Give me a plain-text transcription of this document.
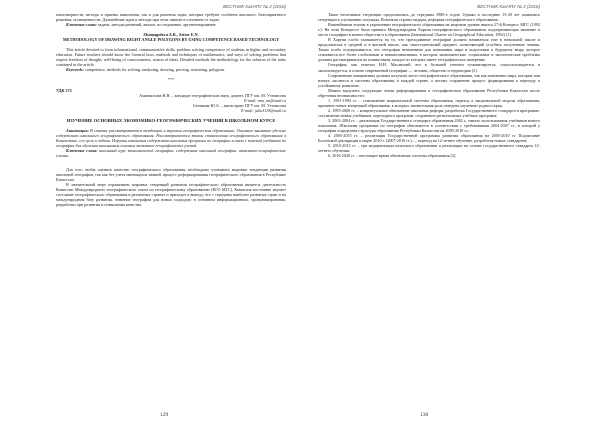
ВЕСТНИК КазНПУ № 2 (2016)

многомерности, методы и приемы мышления, так и для решения задач, которые требуют особенно высокого, благоприятного решения, полноценности. Дальнейшие идеи и методы при этом зависят в основном от задач.

Ключевые слова: задачи, методы решений, анализ, исследование, аргументирование.

Zhumagulova A.K., Seitov E.N.

METHODOLOGY OF DRAWING RIGHT ANGLE POLYGONS BY USING COMPETENCE BASED TECHNOLOGY

This article devoted to form informational, communicative skills, problem solving competence of students in higher and secondary education. Future teachers should know the General laws, methods and techniques of mathematics, and ways of solving problems that require freedom of thought, well-being of consciousness, reason of ideas. Detailed methods the methodology for the solution of the tasks contained in the article.

Keywords: competence, methods for solving, analyzing, drawing, proving, reasoning, polygons.

***

УДК 372

Аманжолова Н.Н. – кандидат географических наук, доцент, ПГУ им. М. Утемисова

E-mail: tnm_nn@mail.ru

Сеникова Ю.А. – магистрант ПГУ им. М. Утемисова

E-mail: julia1119@mail.ru

ИЗУЧЕНИЕ ОСНОВНЫХ ЭКОНОМИКО-ГЕОГРАФИЧЕСКИХ УЧЕНИЙ В ШКОЛЬНОМ КУРСЕ

Аннотация: В статье рассматриваются тенденции в мировом географическом образовании. Основное внимание уделено содержанию школьного географического образования. Рассматриваются этапы становления географического образования в Казахстане, его цели и задачи. Изучены изменения содержания школьных программ по географии в связи с заменой учебников по географии для обучения школьников основам экономико-географических учений.

Ключевые слова: школьный курс экономической географии, содержание школьной географии, экономико-географические учения.

Для того чтобы оценить качество географического образования, необходимо учитывать мировые тенденции развития школьной географии, так как без учета имеющихся знаний, процесс реформирования географического образования в Республике Казахстан.

В значительной мере отражением мировых тенденций развития географического образования является деятельность Комиссии Международного географического союза по географическому образованию (КГО МГС). Комиссия постоянно изучает состояние географического образования в различных странах и приходит к выводу, что с середины наиболее развитых стран и на международном базу развития, значение географии для новых подходов: в основном информационных, программирования, разработки при развитии и повышения качества.

129
ВЕСТНИК КазНПУ № 2 (2016)

Такие негативные тенденции продолжались до середины 1980-х годов. Однако в последние 15-20 лет появились тенденции к улучшению ситуации. Возникли страны-лидеры, реформы географического образования.

Важнейшими этапом в укреплении географического образования на мировом уровне явился 27-й Конгресс МГС (1992 г.). На этом Конгрессе была принята Международная Хартия географического образования, подчеркивающая значение и место географии в жизни общества и в образовании (International Charter on Geographical Education, 1992) [1].

В Хартии особо указывается на то, что преподавание географии должно начинаться уже в начальной школе и продолжаться в средней и в высшей школе, как самостоятельный предмет, позволяющий углубить полученные знания. Также особо подчеркивается, что география незаменима для понимания мира и подготовки к будущему миру, которое становится все более глобальным и взаимозависимым, в котором экономические, социальные и экологические проблемы должны рассматриваться во взаимосвязи, каждое из которых имеет географическое измерение.

География, как отмечал Н.Н. Масанский, все в большей степени гуманизируется, социологизируется и экологизируется, в основе современной географии — человек, общество и территория [2].

Современные инициативы должны получить место географического образования, так как изменение мира, которые они влекут, касаются и системы образования, в каждой стране, а потому сохранение процесс формирования к переходу к устойчивому развитию.

Можно выделить следующие этапы реформирования в географическом образовании Республики Казахстан после обретения независимости:

1. 1991-1994 гг. – становление национальной системы образования, переход к национальной модели образования, принятие новых концепций образования, в которых значительная роль отведена изучению родного края;

2. 1995-2000 гг. – концептуальное обновление школьных реформ, разработка Государственного стандарта в программе, составление новых учебников, переходного программ, сохранение региональных учебных программ;

3. 2001-2004 гг. – реализация Государственного стандарта образования 2002 г., начало использования учебников нового поколения. Школьная программа по географии обновляется в соответствии с требованиями 2004-2007 гг., в которой у географии определена структура образования Республики Казахстан на 2005-2010 гг.;

4. 2005-2015 гг. – реализация Государственной программы развития образования на 2005-2010 гг. Подписание Болонской декларации в марте 2010 г. (2007-2010 гг.) — переход на 12-летнее обучение, разработка новых стандартов;

5. 2010-2015 гг. – три модернизации казахского образования и реализации на основе государственного стандарта 12-летнего обучения;

6. 2016-2020 гг. – настоящее время обновление системы образования [2].

130
